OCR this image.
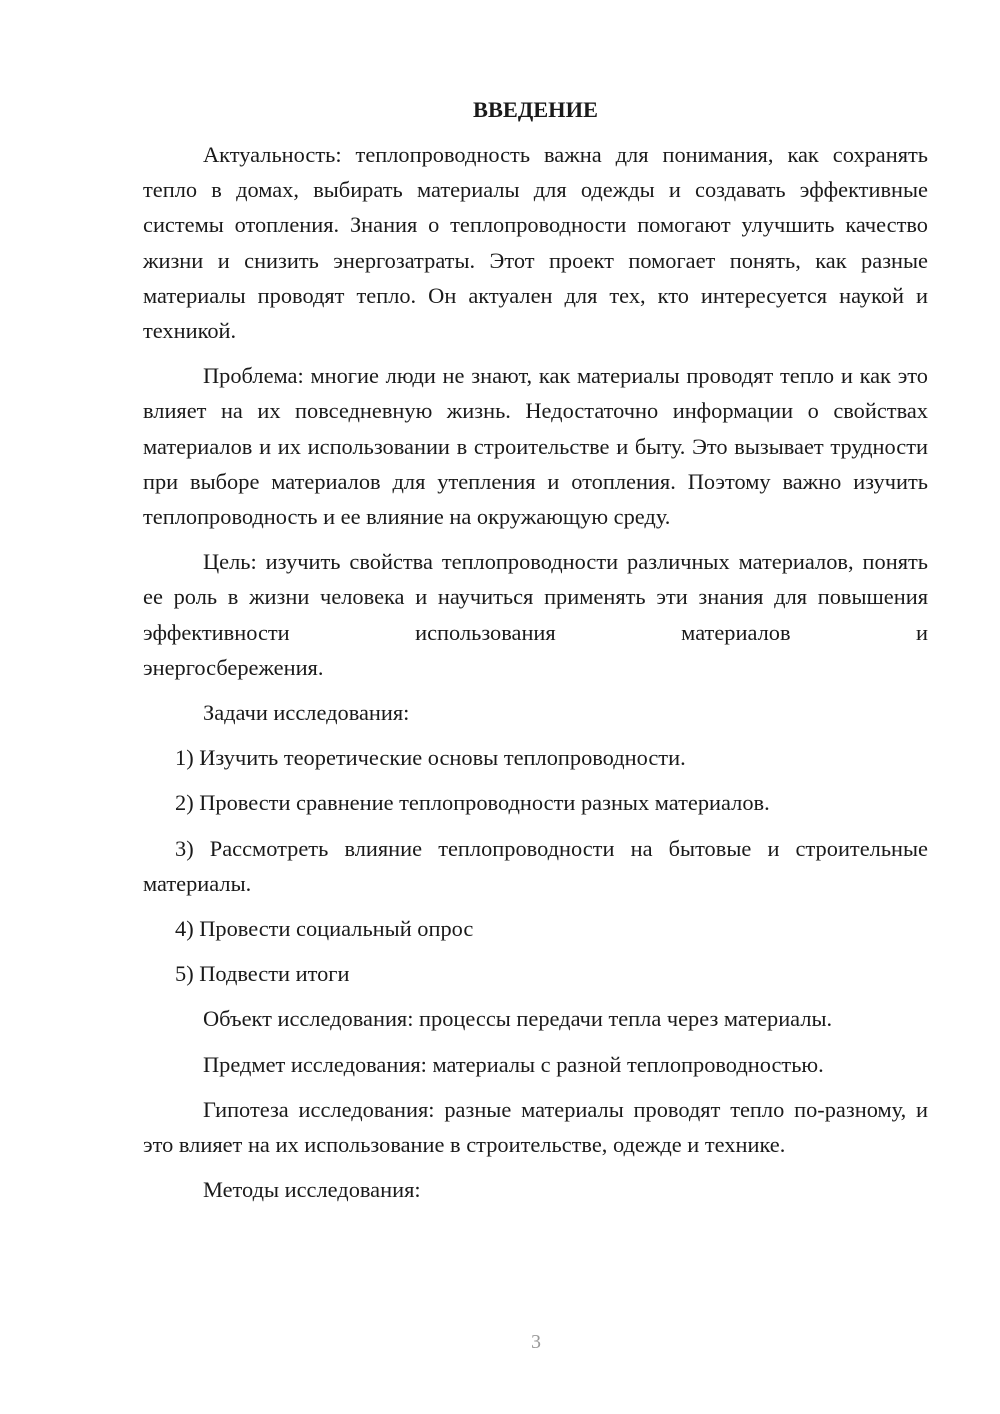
ВВЕДЕНИЕ

Актуальность: теплопроводность важна для понимания, как сохранять тепло в домах, выбирать материалы для одежды и создавать эффективные системы отопления. Знания о теплопроводности помогают улучшить качество жизни и снизить энергозатраты. Этот проект помогает понять, как разные материалы проводят тепло. Он актуален для тех, кто интересуется наукой и техникой.

Проблема: многие люди не знают, как материалы проводят тепло и как это влияет на их повседневную жизнь. Недостаточно информации о свойствах материалов и их использовании в строительстве и быту. Это вызывает трудности при выборе материалов для утепления и отопления. Поэтому важно изучить теплопроводность и ее влияние на окружающую среду.

Цель: изучить свойства теплопроводности различных материалов, понять ее роль в жизни человека и научиться применять эти знания для повышения эффективности использования материалов и

энергосбережения.

Задачи исследования:

1) Изучить теоретические основы теплопроводности.

2) Провести сравнение теплопроводности разных материалов.

3) Рассмотреть влияние теплопроводности на бытовые и строительные материалы.

4) Провести социальный опрос

5) Подвести итоги

Объект исследования: процессы передачи тепла через материалы.

Предмет исследования: материалы с разной теплопроводностью.

Гипотеза исследования: разные материалы проводят тепло по-разному, и это влияет на их использование в строительстве, одежде и технике.

Методы исследования:

3
